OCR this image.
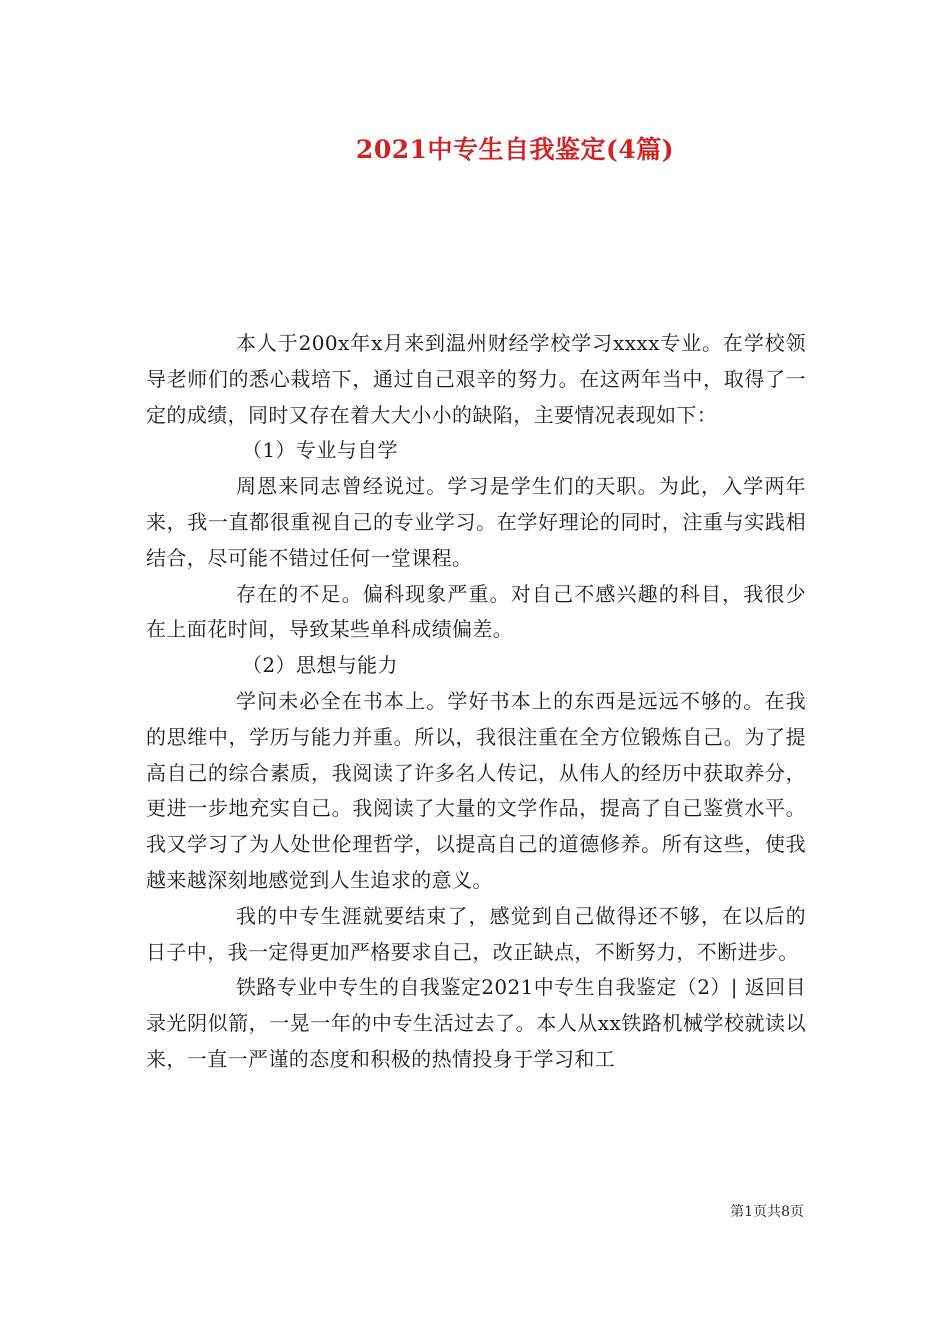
2021中专生自我鉴定(4篇)

本人于200x年x月来到温州财经学校学习xxxx专业。在学校领导老师们的悉心栽培下，通过自己艰辛的努力。在这两年当中，取得了一定的成绩，同时又存在着大大小小的缺陷，主要情况表现如下：

（1）专业与自学

周恩来同志曾经说过。学习是学生们的天职。为此，入学两年来，我一直都很重视自己的专业学习。在学好理论的同时，注重与实践相结合，尽可能不错过任何一堂课程。

存在的不足。偏科现象严重。对自己不感兴趣的科目，我很少在上面花时间，导致某些单科成绩偏差。

（2）思想与能力

学问未必全在书本上。学好书本上的东西是远远不够的。在我的思维中，学历与能力并重。所以，我很注重在全方位锻炼自己。为了提高自己的综合素质，我阅读了许多名人传记，从伟人的经历中获取养分，更进一步地充实自己。我阅读了大量的文学作品，提高了自己鉴赏水平。我又学习了为人处世伦理哲学，以提高自己的道德修养。所有这些，使我越来越深刻地感觉到人生追求的意义。

我的中专生涯就要结束了，感觉到自己做得还不够，在以后的日子中，我一定得更加严格要求自己，改正缺点，不断努力，不断进步。

铁路专业中专生的自我鉴定2021中专生自我鉴定（2）| 返回目录光阴似箭，一晃一年的中专生活过去了。本人从xx铁路机械学校就读以来，一直一严谨的态度和积极的热情投身于学习和工

第1页共8页
